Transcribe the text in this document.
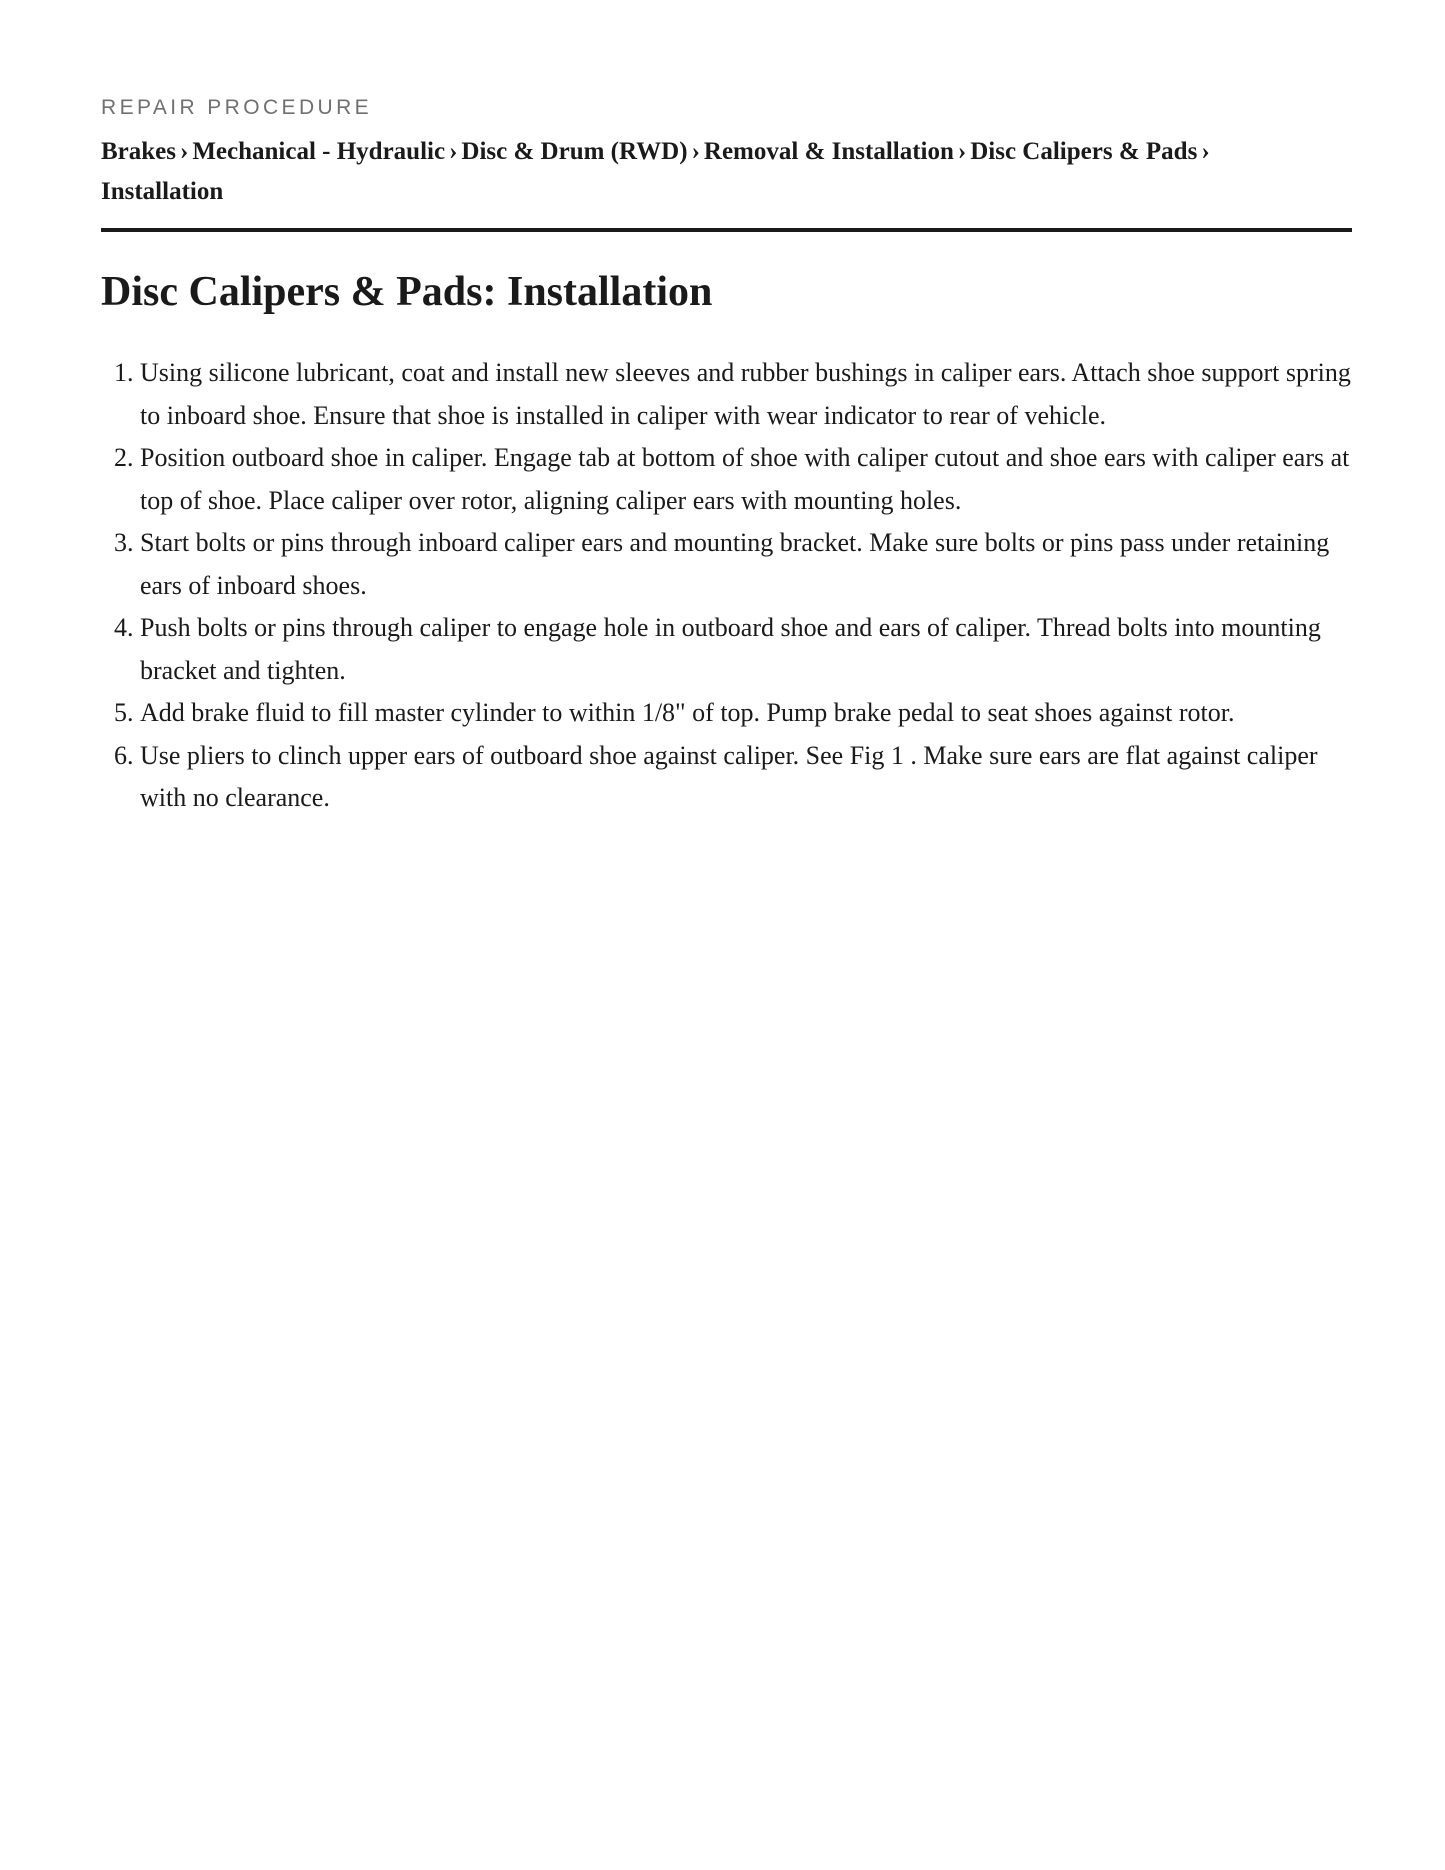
REPAIR PROCEDURE

Brakes › Mechanical - Hydraulic › Disc & Drum (RWD) › Removal & Installation › Disc Calipers & Pads ›
Installation

Disc Calipers & Pads: Installation
1. Using silicone lubricant, coat and install new sleeves and rubber bushings in caliper ears. Attach shoe support spring to inboard shoe. Ensure that shoe is installed in caliper with wear indicator to rear of vehicle.
2. Position outboard shoe in caliper. Engage tab at bottom of shoe with caliper cutout and shoe ears with caliper ears at top of shoe. Place caliper over rotor, aligning caliper ears with mounting holes.
3. Start bolts or pins through inboard caliper ears and mounting bracket. Make sure bolts or pins pass under retaining ears of inboard shoes.
4. Push bolts or pins through caliper to engage hole in outboard shoe and ears of caliper. Thread bolts into mounting bracket and tighten.
5. Add brake fluid to fill master cylinder to within 1/8" of top. Pump brake pedal to seat shoes against rotor.
6. Use pliers to clinch upper ears of outboard shoe against caliper. See Fig 1 . Make sure ears are flat against caliper with no clearance.
